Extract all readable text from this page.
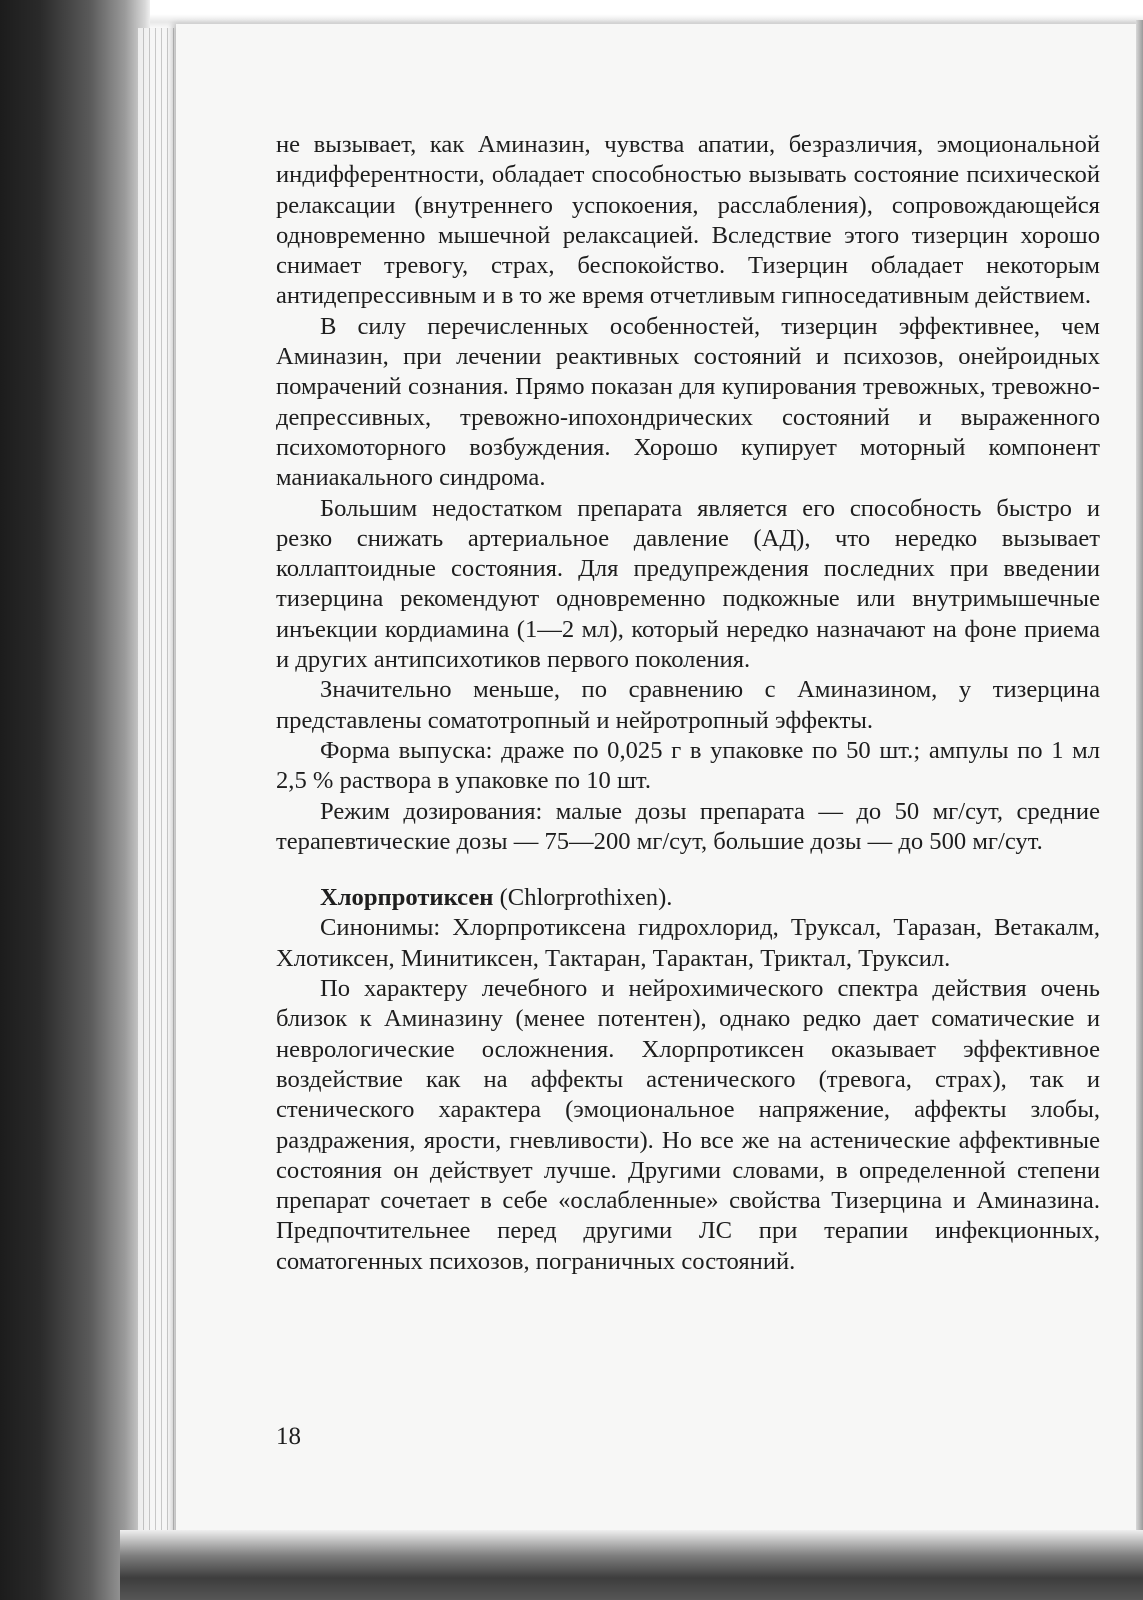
не вызывает, как Аминазин, чувства апатии, безразличия, эмоциональной индифферентности, обладает способностью вызывать состояние психической релаксации (внутреннего успокоения, расслабления), сопровождающейся одновременно мышечной релаксацией. Вследствие этого тизерцин хорошо снимает тревогу, страх, беспокойство. Тизерцин обладает некоторым антидепрессивным и в то же время отчетливым гипноседативным действием.

В силу перечисленных особенностей, тизерцин эффективнее, чем Аминазин, при лечении реактивных состояний и психозов, онейроидных помрачений сознания. Прямо показан для купирования тревожных, тревожно-депрессивных, тревожно-ипохондрических состояний и выраженного психомоторного возбуждения. Хорошо купирует моторный компонент маниакального синдрома.

Большим недостатком препарата является его способность быстро и резко снижать артериальное давление (АД), что нередко вызывает коллаптоидные состояния. Для предупреждения последних при введении тизерцина рекомендуют одновременно подкожные или внутримышечные инъекции кордиамина (1—2 мл), который нередко назначают на фоне приема и других антипсихотиков первого поколения.

Значительно меньше, по сравнению с Аминазином, у тизерцина представлены соматотропный и нейротропный эффекты.

Форма выпуска: драже по 0,025 г в упаковке по 50 шт.; ампулы по 1 мл 2,5 % раствора в упаковке по 10 шт.

Режим дозирования: малые дозы препарата — до 50 мг/сут, средние терапевтические дозы — 75—200 мг/сут, большие дозы — до 500 мг/сут.

Хлорпротиксен (Chlorprothixen).

Синонимы: Хлорпротиксена гидрохлорид, Труксал, Таразан, Ветакалм, Хлотиксен, Минитиксен, Тактаран, Тарактан, Триктал, Труксил.

По характеру лечебного и нейрохимического спектра действия очень близок к Аминазину (менее потентен), однако редко дает соматические и неврологические осложнения. Хлорпротиксен оказывает эффективное воздействие как на аффекты астенического (тревога, страх), так и стенического характера (эмоциональное напряжение, аффекты злобы, раздражения, ярости, гневливости). Но все же на астенические аффективные состояния он действует лучше. Другими словами, в определенной степени препарат сочетает в себе «ослабленные» свойства Тизерцина и Аминазина. Предпочтительнее перед другими ЛС при терапии инфекционных, соматогенных психозов, пограничных состояний.

18
